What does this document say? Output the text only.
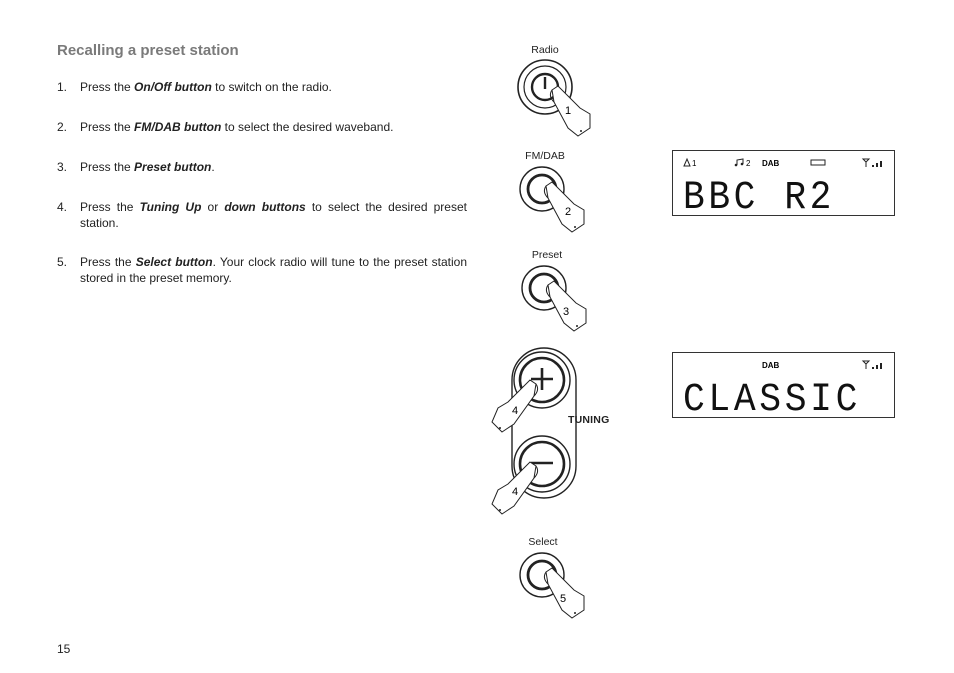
Recalling a preset station
1. Press the On/Off button to switch on the radio.
2. Press the FM/DAB button to select the desired waveband.
3. Press the Preset button.
4. Press the Tuning Up or down buttons to select the desired preset station.
5. Press the Select button. Your clock radio will tune to the preset station stored in the preset memory.
15
Radio
1
FM/DAB
2
Preset
3
4
4
TUNING
Select
5
1	2 DAB
BBC R2
DAB
CLASSIC
